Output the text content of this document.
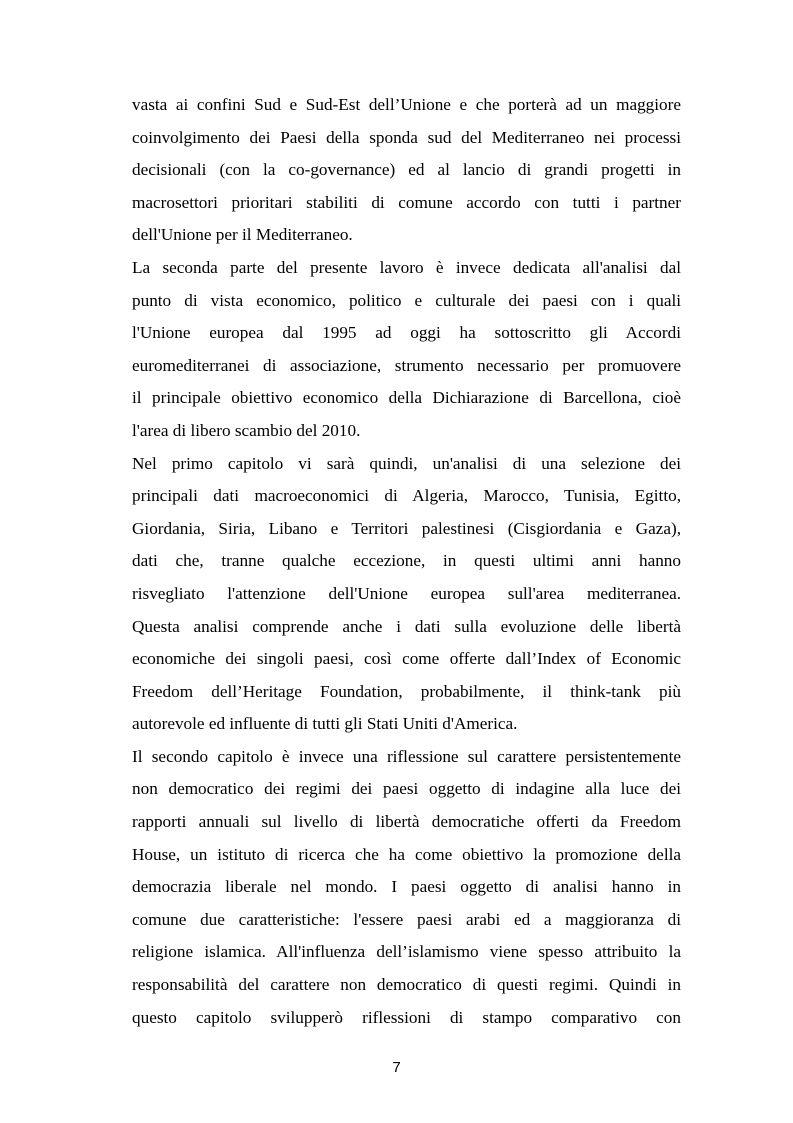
vasta ai confini Sud e Sud-Est dell’Unione e che porterà ad un maggiore
coinvolgimento dei Paesi della sponda sud del Mediterraneo nei processi
decisionali (con la co-governance) ed al lancio di grandi progetti in
macrosettori prioritari stabiliti di comune accordo con tutti i partner
dell'Unione per il Mediterraneo.
La seconda parte del presente lavoro è invece dedicata all'analisi dal
punto di vista economico, politico e culturale dei paesi con i quali
l'Unione europea dal 1995 ad oggi ha sottoscritto gli Accordi
euromediterranei di associazione, strumento necessario per promuovere
il principale obiettivo economico della Dichiarazione di Barcellona, cioè
l'area di libero scambio del 2010.
Nel primo capitolo vi sarà quindi, un'analisi di una selezione dei
principali dati macroeconomici di Algeria, Marocco, Tunisia, Egitto,
Giordania, Siria, Libano e Territori palestinesi (Cisgiordania e Gaza),
dati che, tranne qualche eccezione, in questi ultimi anni hanno
risvegliato l'attenzione dell'Unione europea sull'area mediterranea.
Questa analisi comprende anche i dati sulla evoluzione delle libertà
economiche dei singoli paesi, così come offerte dall’Index of Economic
Freedom dell’Heritage Foundation, probabilmente, il think-tank più
autorevole ed influente di tutti gli Stati Uniti d'America.
Il secondo capitolo è invece una riflessione sul carattere persistentemente
non democratico dei regimi dei paesi oggetto di indagine alla luce dei
rapporti annuali sul livello di libertà democratiche offerti da Freedom
House, un istituto di ricerca che ha come obiettivo la promozione della
democrazia liberale nel mondo. I paesi oggetto di analisi hanno in
comune due caratteristiche: l'essere paesi arabi ed a maggioranza di
religione islamica. All'influenza dell’islamismo viene spesso attribuito la
responsabilità del carattere non democratico di questi regimi. Quindi in
questo capitolo svilupperò riflessioni di stampo comparativo con
7
